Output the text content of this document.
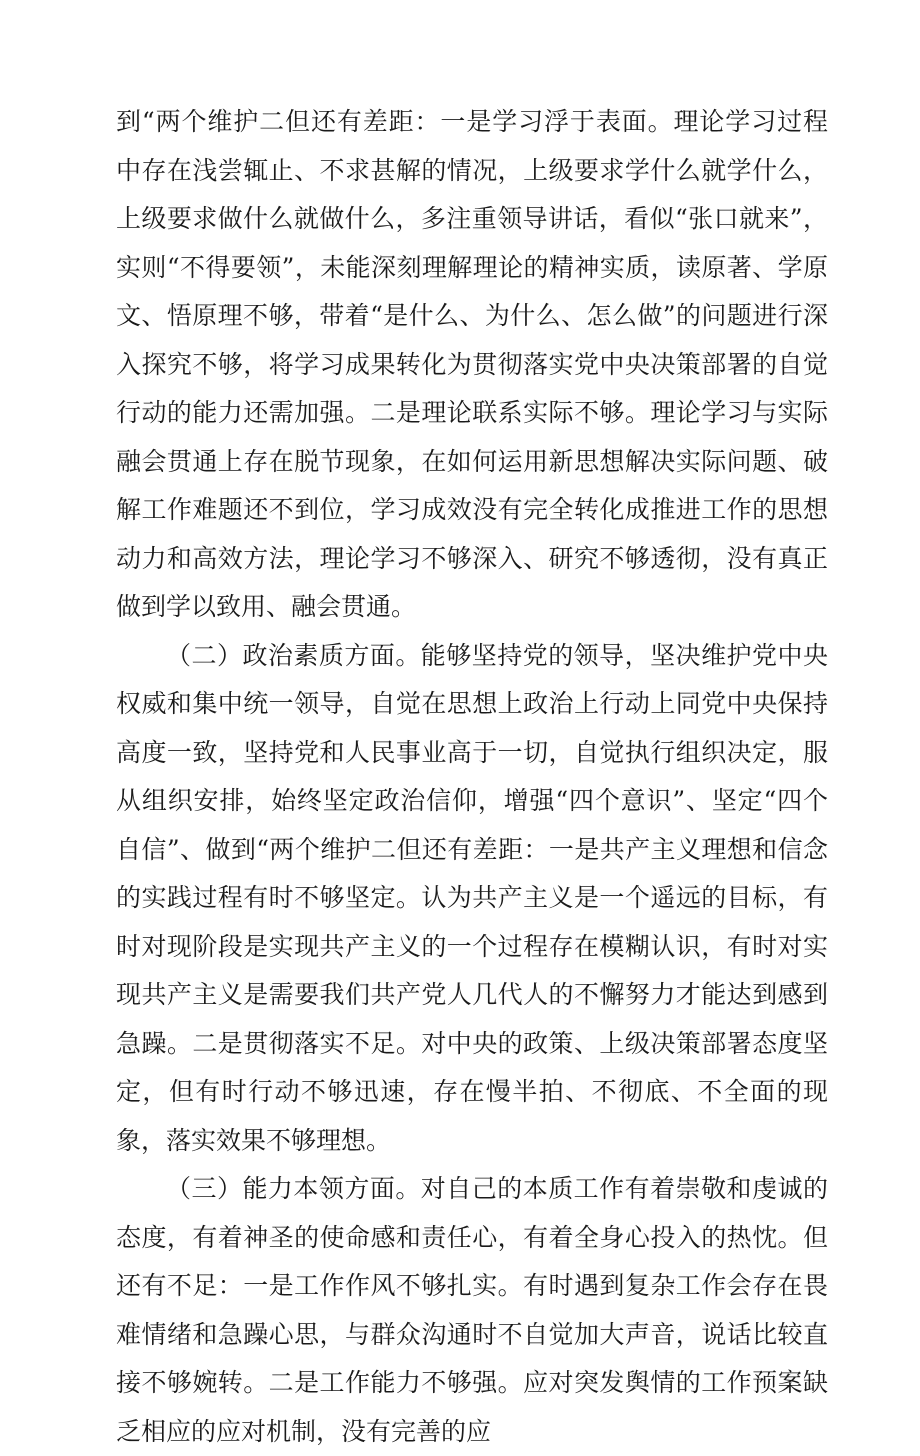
到“两个维护二但还有差距：一是学习浮于表面。理论学习过程中存在浅尝辄止、不求甚解的情况，上级要求学什么就学什么，上级要求做什么就做什么，多注重领导讲话，看似“张口就来”，实则“不得要领”，未能深刻理解理论的精神实质，读原著、学原文、悟原理不够，带着“是什么、为什么、怎么做”的问题进行深入探究不够，将学习成果转化为贯彻落实党中央决策部署的自觉行动的能力还需加强。二是理论联系实际不够。理论学习与实际融会贯通上存在脱节现象，在如何运用新思想解决实际问题、破解工作难题还不到位，学习成效没有完全转化成推进工作的思想动力和高效方法，理论学习不够深入、研究不够透彻，没有真正做到学以致用、融会贯通。

（二）政治素质方面。能够坚持党的领导，坚决维护党中央权威和集中统一领导，自觉在思想上政治上行动上同党中央保持高度一致，坚持党和人民事业高于一切，自觉执行组织决定，服从组织安排，始终坚定政治信仰，增强“四个意识”、坚定“四个自信”、做到“两个维护二但还有差距：一是共产主义理想和信念的实践过程有时不够坚定。认为共产主义是一个遥远的目标，有时对现阶段是实现共产主义的一个过程存在模糊认识，有时对实现共产主义是需要我们共产党人几代人的不懈努力才能达到感到急躁。二是贯彻落实不足。对中央的政策、上级决策部署态度坚定，但有时行动不够迅速，存在慢半拍、不彻底、不全面的现象，落实效果不够理想。

（三）能力本领方面。对自己的本质工作有着崇敬和虔诚的态度，有着神圣的使命感和责任心，有着全身心投入的热忱。但还有不足：一是工作作风不够扎实。有时遇到复杂工作会存在畏难情绪和急躁心思，与群众沟通时不自觉加大声音，说话比较直接不够婉转。二是工作能力不够强。应对突发舆情的工作预案缺乏相应的应对机制，没有完善的应
